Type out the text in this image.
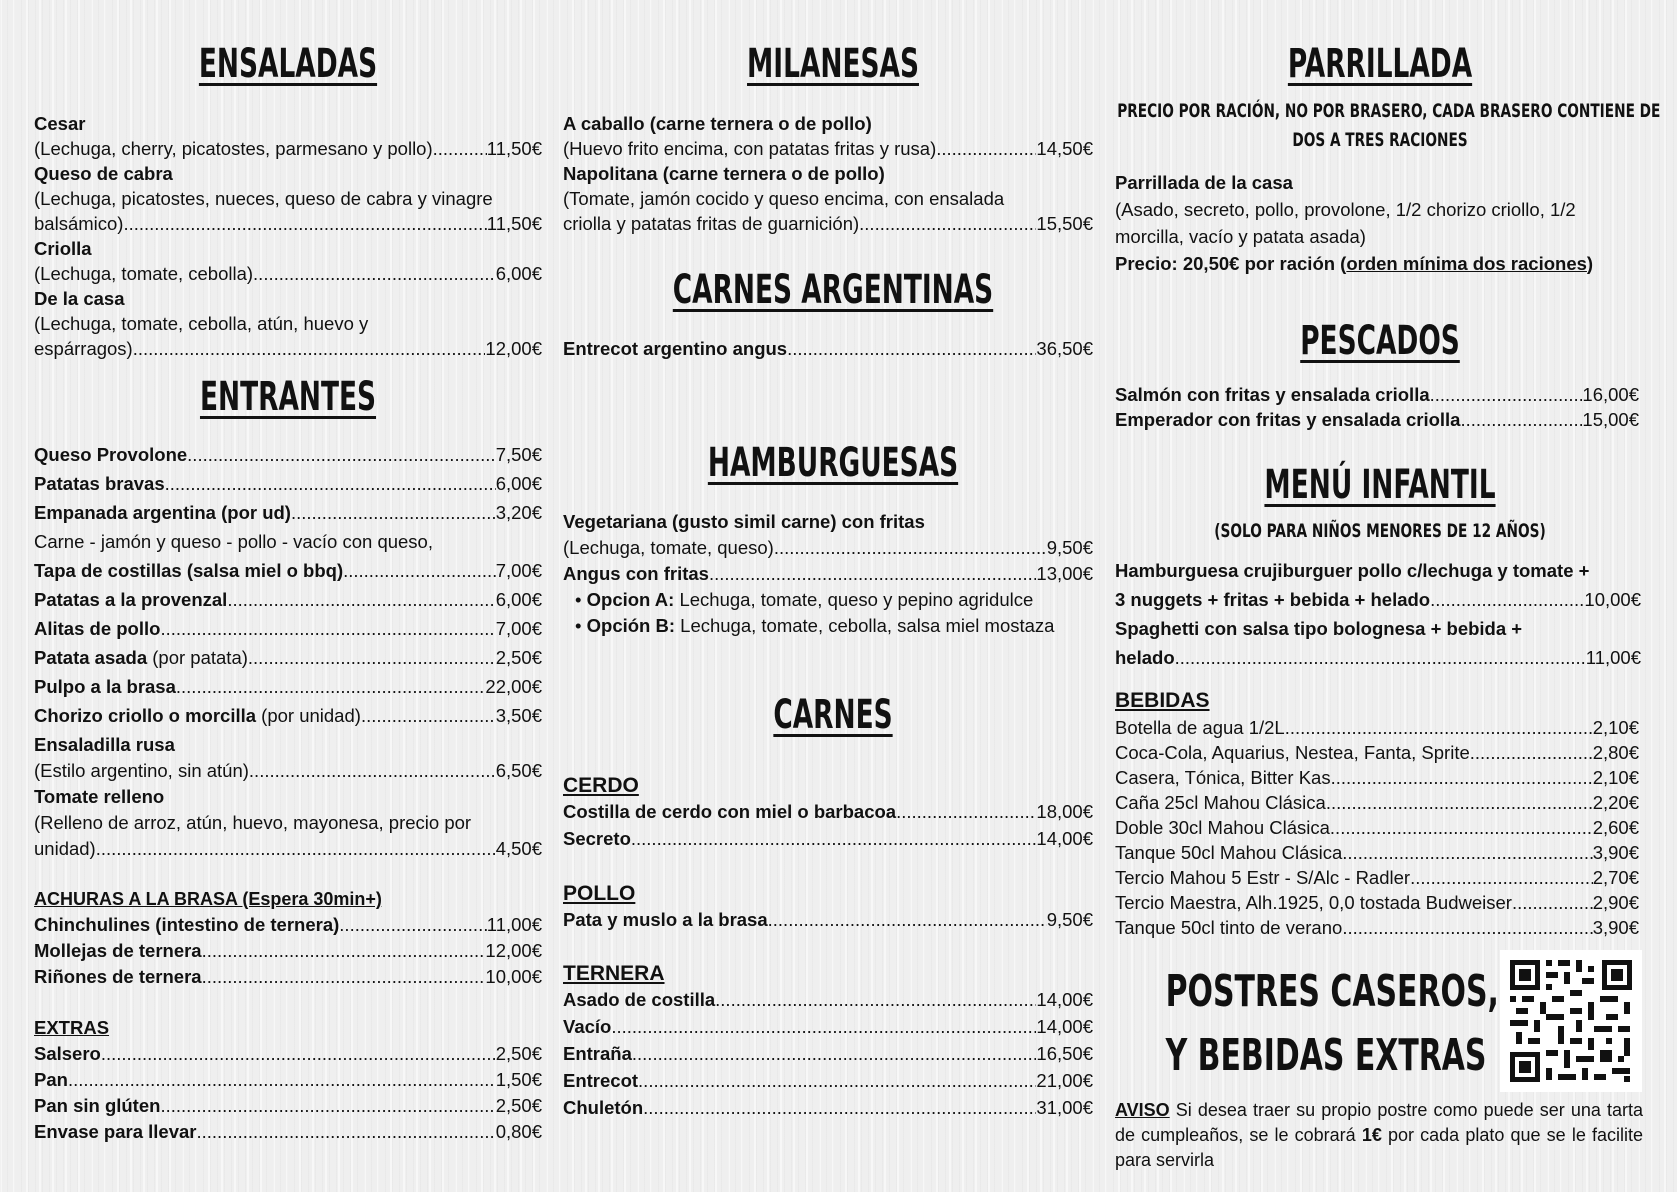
ENSALADAS
Cesar
(Lechuga, cherry, picatostes, parmesano y pollo) .....	11,50€
Queso de cabra
(Lechuga, picatostes, nueces, queso de cabra y vinagre
balsámico) .....	11,50€
Criolla
(Lechuga, tomate, cebolla) .....	6,00€
De la casa
(Lechuga, tomate, cebolla, atún, huevo y
espárragos) .....	12,00€
ENTRANTES
Queso Provolone .....	7,50€
Patatas bravas .....	6,00€
Empanada argentina (por ud) .....	3,20€
Carne - jamón y queso - pollo - vacío con queso,
Tapa de costillas (salsa miel o bbq) .....	7,00€
Patatas a la provenzal .....	6,00€
Alitas de pollo .....	7,00€
Patata asada (por patata) .....	2,50€
Pulpo a la brasa .....	22,00€
Chorizo criollo o morcilla (por unidad) .....	3,50€
Ensaladilla rusa
(Estilo argentino, sin atún) .....	6,50€
Tomate relleno
(Relleno de arroz, atún, huevo, mayonesa, precio por
unidad) .....	4,50€
ACHURAS A LA BRASA (Espera 30min+)
Chinchulines (intestino de ternera) .....	11,00€
Mollejas de ternera .....	12,00€
Riñones de ternera .....	10,00€
EXTRAS
Salsero .....	2,50€
Pan .....	1,50€
Pan sin glúten .....	2,50€
Envase para llevar .....	0,80€
MILANESAS
A caballo (carne ternera o de pollo)
(Huevo frito encima, con patatas fritas y rusa) .....	14,50€
Napolitana (carne ternera o de pollo)
(Tomate, jamón cocido y queso encima, con ensalada
criolla y patatas fritas de guarnición) .....	15,50€
CARNES ARGENTINAS
Entrecot argentino angus .....	36,50€
HAMBURGUESAS
Vegetariana (gusto simil carne) con fritas
(Lechuga, tomate, queso) .....	9,50€
Angus con fritas .....	13,00€
• Opcion A: Lechuga, tomate, queso y pepino agridulce
• Opción B: Lechuga, tomate, cebolla, salsa miel mostaza
CARNES
CERDO
Costilla de cerdo con miel o barbacoa .....	18,00€
Secreto .....	14,00€
POLLO
Pata y muslo a la brasa .....	9,50€
TERNERA
Asado de costilla .....	14,00€
Vacío .....	14,00€
Entraña .....	16,50€
Entrecot .....	21,00€
Chuletón .....	31,00€
PARRILLADA
PRECIO POR RACIÓN, NO POR BRASERO, CADA BRASERO CONTIENE DE
DOS A TRES RACIONES
Parrillada de la casa
(Asado, secreto, pollo, provolone, 1/2 chorizo criollo, 1/2
morcilla, vacío y patata asada)
Precio: 20,50€ por ración (orden mínima dos raciones)
PESCADOS
Salmón con fritas y ensalada criolla .....	16,00€
Emperador con fritas y ensalada criolla .....	15,00€
MENÚ INFANTIL
(SOLO PARA NIÑOS MENORES DE 12 AÑOS)
Hamburguesa crujiburguer pollo c/lechuga y tomate +
3 nuggets + fritas + bebida + helado .....	10,00€
Spaghetti con salsa tipo bolognesa + bebida +
helado .....	11,00€
BEBIDAS
Botella de agua 1/2L .....	2,10€
Coca-Cola, Aquarius, Nestea, Fanta, Sprite .....	2,80€
Casera, Tónica, Bitter Kas .....	2,10€
Caña 25cl Mahou Clásica .....	2,20€
Doble 30cl Mahou Clásica .....	2,60€
Tanque 50cl Mahou Clásica .....	3,90€
Tercio Mahou 5 Estr - S/Alc - Radler .....	2,70€
Tercio Maestra, Alh.1925, 0,0 tostada Budweiser .....	2,90€
Tanque 50cl tinto de verano .....	3,90€
POSTRES CASEROS,
Y BEBIDAS EXTRAS
AVISO Si desea traer su propio postre como puede ser una tarta de cumpleaños, se le cobrará 1€ por cada plato que se le facilite para servirla
